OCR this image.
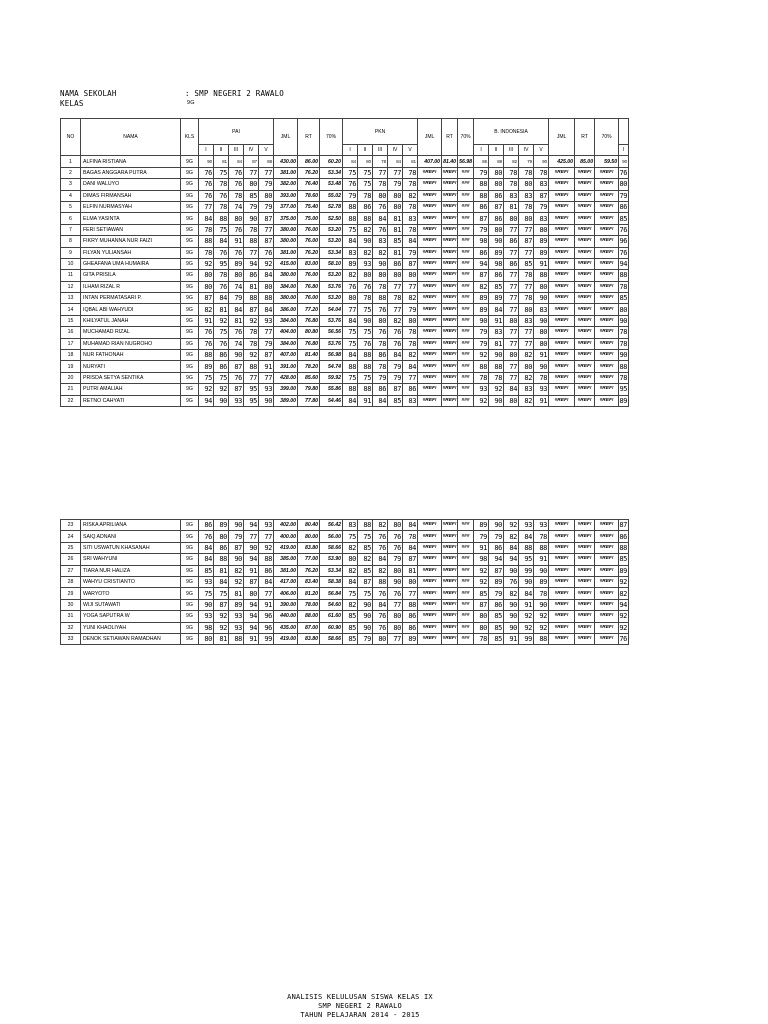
NAMA SEKOLAH	: SMP NEGERI 2 RAWALO
KELAS	9G
NO	NAMA	KLS	PAI					JML	RT	70%	PKN					JML	RT	70%	B. INDONESIA					JML	RT	70%	
			I	II	III	IV	V				I	II	III	IV	V				I	II	III	IV	V				I
1	ALFINA RISTIANA	9G	90	81	84	87	88	430.00	86.00	60.20	84	80	78	84	81	407.00	81.40	56.98	86	88	82	79	90	425.00	85.00	59.50	90
2	BAGAS ANGGARA PUTRA	9G	76	75	76	77	77	381.00	76.20	53.34	75	75	77	77	78	#REF!	#REF!	###	79	80	78	78	78	#REF!	#REF!	#REF!	76
3	DANI WALUYO	9G	76	78	76	80	79	382.00	76.40	53.48	76	75	78	79	78	#REF!	#REF!	###	88	80	78	80	83	#REF!	#REF!	#REF!	80
4	DIMAS FIRMANSAH	9G	76	76	78	85	80	393.00	78.60	55.02	79	78	80	80	82	#REF!	#REF!	###	88	86	83	83	87	#REF!	#REF!	#REF!	79
5	ELFIN NURMASYAH	9G	77	78	74	79	79	377.00	75.40	52.78	88	86	76	80	78	#REF!	#REF!	###	86	87	81	78	79	#REF!	#REF!	#REF!	86
6	ELMA YASINTA	9G	84	88	80	90	87	375.00	75.00	52.50	88	88	84	81	83	#REF!	#REF!	###	87	86	80	80	83	#REF!	#REF!	#REF!	85
7	FERI SETIAWAN	9G	78	75	76	78	77	380.00	76.00	53.20	75	82	76	81	78	#REF!	#REF!	###	79	80	77	77	80	#REF!	#REF!	#REF!	76
8	FIKRY MUHANNA NUR FAIZI	9G	88	84	91	88	87	380.00	76.00	53.20	84	90	83	85	84	#REF!	#REF!	###	98	90	86	87	89	#REF!	#REF!	#REF!	96
9	FILYAN YULIANSAH	9G	78	76	76	77	76	381.00	76.20	53.34	83	82	82	81	79	#REF!	#REF!	###	86	89	77	77	89	#REF!	#REF!	#REF!	76
10	GHEAFANA UMA HUMAIRA	9G	92	95	89	94	92	415.00	83.00	58.10	89	93	90	86	87	#REF!	#REF!	###	94	98	86	85	91	#REF!	#REF!	#REF!	94
11	GITA PRISILA	9G	80	78	80	86	84	380.00	76.00	53.20	82	80	80	80	80	#REF!	#REF!	###	87	86	77	78	88	#REF!	#REF!	#REF!	88
12	ILHAM RIZAL R	9G	80	76	74	81	80	384.00	76.80	53.76	76	76	78	77	77	#REF!	#REF!	###	82	85	77	77	80	#REF!	#REF!	#REF!	78
13	INTAN PERMATASARI P.	9G	87	84	79	88	88	380.00	76.00	53.20	80	78	88	78	82	#REF!	#REF!	###	89	89	77	78	90	#REF!	#REF!	#REF!	85
14	IQBAL ABI WAHYUDI	9G	82	81	84	87	84	386.00	77.20	54.04	77	75	76	77	79	#REF!	#REF!	###	89	84	77	80	83	#REF!	#REF!	#REF!	80
15	KHILYATUL JANAH	9G	91	92	81	92	93	384.00	76.80	53.76	84	90	80	82	80	#REF!	#REF!	###	90	91	80	83	90	#REF!	#REF!	#REF!	90
16	MUCHAMAD RIZAL	9G	76	75	76	78	77	404.00	80.80	56.56	75	75	76	76	78	#REF!	#REF!	###	79	83	77	77	80	#REF!	#REF!	#REF!	78
17	MUHAMAD RIAN NUGROHO	9G	76	76	74	78	79	384.00	76.80	53.76	75	76	78	76	78	#REF!	#REF!	###	79	81	77	77	80	#REF!	#REF!	#REF!	78
18	NUR FATHONAH	9G	88	86	90	92	87	407.00	81.40	56.98	84	88	86	84	82	#REF!	#REF!	###	92	90	80	82	91	#REF!	#REF!	#REF!	90
19	NURYATI	9G	89	86	87	88	91	391.00	78.20	54.74	88	88	78	79	84	#REF!	#REF!	###	88	88	77	80	90	#REF!	#REF!	#REF!	88
20	PRISDA SETYA SENTIKA	9G	75	75	76	77	77	428.00	85.60	59.92	75	75	79	79	77	#REF!	#REF!	###	78	78	77	82	78	#REF!	#REF!	#REF!	78
21	PUTRI AMALIAH	9G	92	92	87	95	93	399.00	79.80	55.86	88	88	86	87	86	#REF!	#REF!	###	93	92	84	83	93	#REF!	#REF!	#REF!	95
22	RETNO CAHYATI	9G	94	90	93	95	90	389.00	77.80	54.46	84	91	84	85	83	#REF!	#REF!	###	92	90	80	82	91	#REF!	#REF!	#REF!	89
23	RISKA APRILIANA	9G	86	89	90	94	93	402.00	80.40	56.42	83	88	82	80	84	#REF!	#REF!	###	89	90	92	93	93	#REF!	#REF!	#REF!	87
24	SAIQ ADNANI	9G	76	80	79	77	77	400.00	80.00	56.00	75	75	76	76	78	#REF!	#REF!	###	79	79	82	84	78	#REF!	#REF!	#REF!	86
25	SITI USWATUN KHASANAH	9G	84	86	87	90	92	419.00	83.80	58.66	82	85	76	76	84	#REF!	#REF!	###	91	86	84	88	88	#REF!	#REF!	#REF!	88
26	SRI WAHYUNI	9G	84	88	90	94	88	385.00	77.00	53.90	80	82	84	79	87	#REF!	#REF!	###	98	94	94	95	91	#REF!	#REF!	#REF!	85
27	TIARA NUR HALIZA	9G	85	81	82	91	86	381.00	76.20	53.34	82	85	82	80	81	#REF!	#REF!	###	92	87	90	99	90	#REF!	#REF!	#REF!	89
28	WAHYU CRISTIANTO	9G	93	84	92	87	84	417.00	83.40	58.38	84	87	88	90	80	#REF!	#REF!	###	92	89	76	90	89	#REF!	#REF!	#REF!	92
29	WARYOTO	9G	75	75	81	80	77	406.00	81.20	56.84	75	75	76	76	77	#REF!	#REF!	###	85	79	82	84	78	#REF!	#REF!	#REF!	82
30	WIJI SUTAWATI	9G	90	87	89	94	91	390.00	78.00	54.60	82	90	84	77	88	#REF!	#REF!	###	87	86	90	91	90	#REF!	#REF!	#REF!	94
31	YOGA SAPUTRA W	9G	93	92	93	94	96	440.00	88.00	61.60	85	90	76	80	86	#REF!	#REF!	###	80	85	90	92	92	#REF!	#REF!	#REF!	92
32	YUNI KHAOLIYAH	9G	98	92	93	94	96	435.00	87.00	60.90	85	90	76	80	86	#REF!	#REF!	###	80	85	90	92	92	#REF!	#REF!	#REF!	92
33	DENOK SETIAWAN RAMADHAN	9G	80	81	88	91	99	419.00	83.80	58.66	85	79	80	77	89	#REF!	#REF!	###	78	85	91	99	88	#REF!	#REF!	#REF!	76
ANALISIS KELULUSAN SISWA KELAS IX
SMP NEGERI 2 RAWALO
TAHUN PELAJARAN 2014 - 2015
